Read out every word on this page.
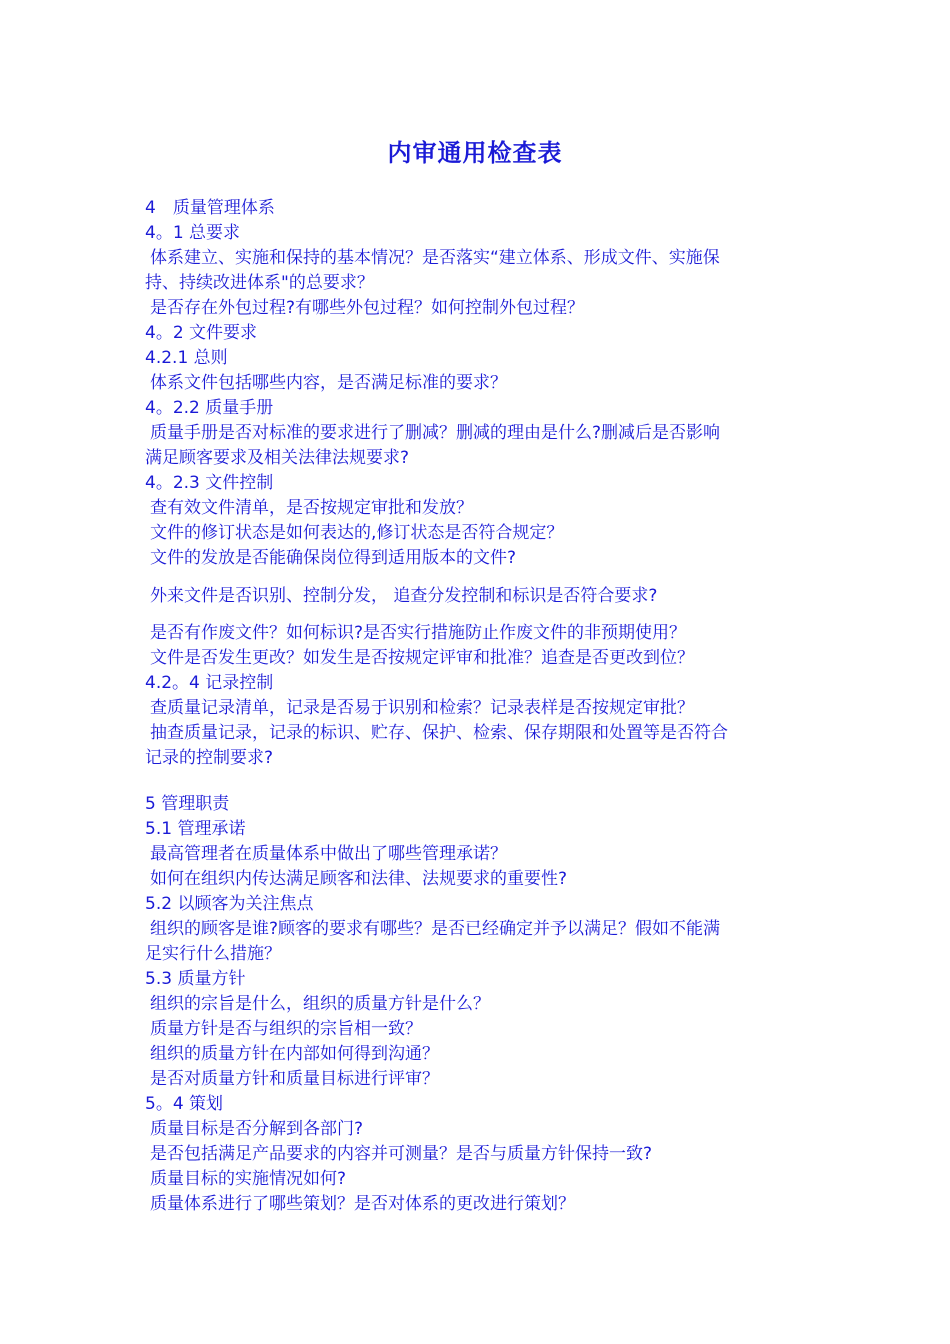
内审通用检查表
4　质量管理体系
4。1 总要求
体系建立、实施和保持的基本情况？是否落实“建立体系、形成文件、实施保
持、持续改进体系"的总要求？
是否存在外包过程?有哪些外包过程？如何控制外包过程？
4。2 文件要求
4.2.1 总则
体系文件包括哪些内容，是否满足标准的要求？
4。2.2 质量手册
质量手册是否对标准的要求进行了删减？删减的理由是什么?删减后是否影响
满足顾客要求及相关法律法规要求?
4。2.3 文件控制
查有效文件清单，是否按规定审批和发放？
文件的修订状态是如何表达的,修订状态是否符合规定？
文件的发放是否能确保岗位得到适用版本的文件?
外来文件是否识别、控制分发， 追查分发控制和标识是否符合要求?
是否有作废文件？如何标识?是否实行措施防止作废文件的非预期使用？
文件是否发生更改？如发生是否按规定评审和批准？追查是否更改到位？
4.2。4 记录控制
查质量记录清单，记录是否易于识别和检索？记录表样是否按规定审批？
抽查质量记录，记录的标识、贮存、保护、检索、保存期限和处置等是否符合
记录的控制要求?
5 管理职责
5.1 管理承诺
最高管理者在质量体系中做出了哪些管理承诺？
如何在组织内传达满足顾客和法律、法规要求的重要性?
5.2 以顾客为关注焦点
组织的顾客是谁?顾客的要求有哪些？是否已经确定并予以满足？假如不能满
足实行什么措施？
5.3 质量方针
组织的宗旨是什么，组织的质量方针是什么？
质量方针是否与组织的宗旨相一致？
组织的质量方针在内部如何得到沟通？
是否对质量方针和质量目标进行评审？
5。4 策划
质量目标是否分解到各部门?
是否包括满足产品要求的内容并可测量？是否与质量方针保持一致?
质量目标的实施情况如何?
质量体系进行了哪些策划？是否对体系的更改进行策划？
